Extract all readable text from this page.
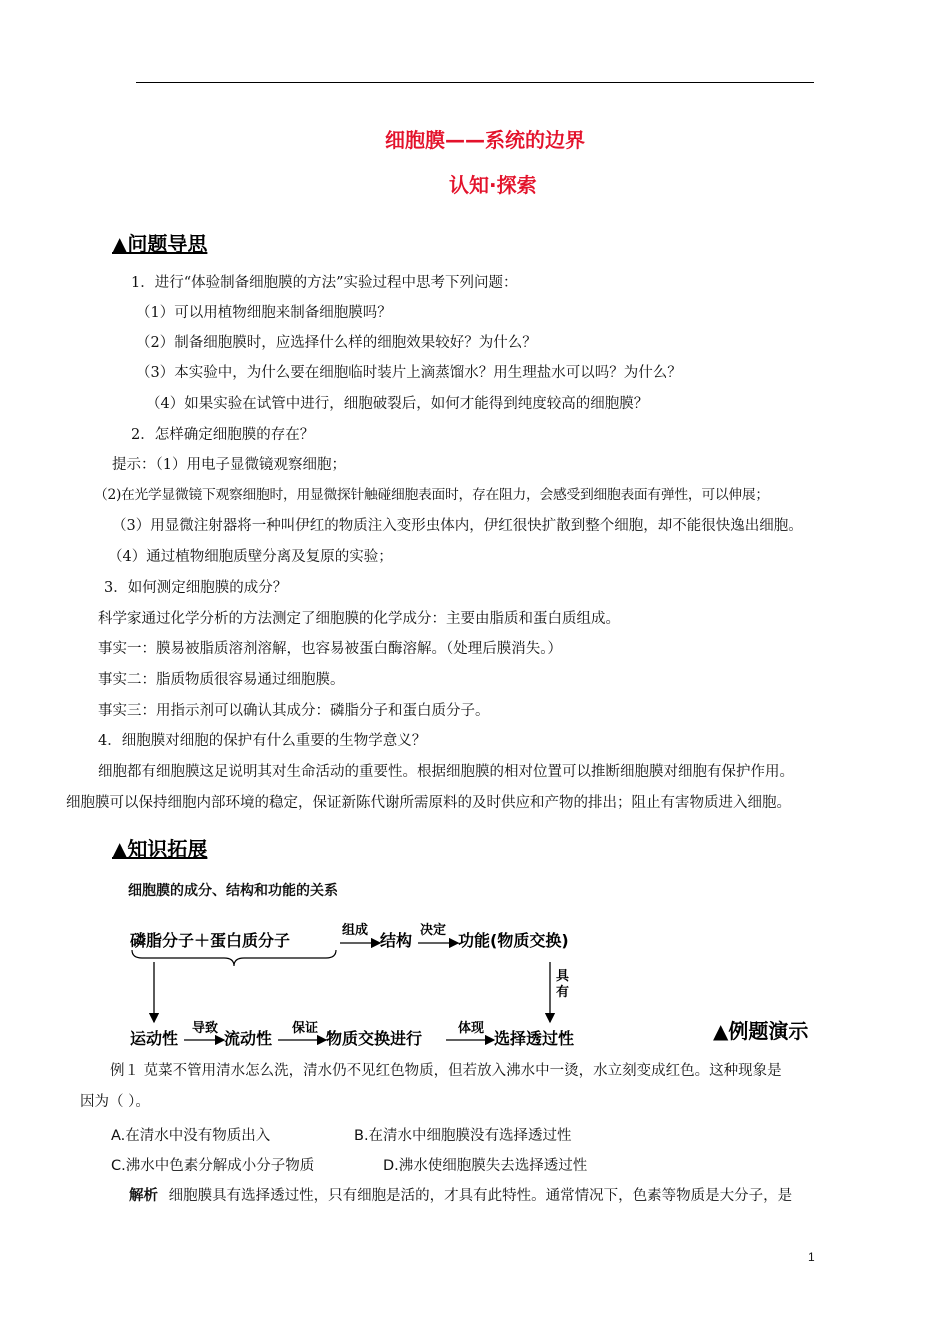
细胞膜——系统的边界
认知·探索
▲问题导思
1．进行“体验制备细胞膜的方法”实验过程中思考下列问题：
（1）可以用植物细胞来制备细胞膜吗？
（2）制备细胞膜时，应选择什么样的细胞效果较好？为什么？
（3）本实验中，为什么要在细胞临时装片上滴蒸馏水？用生理盐水可以吗？为什么？
（4）如果实验在试管中进行，细胞破裂后，如何才能得到纯度较高的细胞膜？
2．怎样确定细胞膜的存在？
提示：（1）用电子显微镜观察细胞；
（2)在光学显微镜下观察细胞时，用显微探针触碰细胞表面时，存在阻力，会感受到细胞表面有弹性，可以伸展；
（3）用显微注射器将一种叫伊红的物质注入变形虫体内，伊红很快扩散到整个细胞，却不能很快逸出细胞。
（4）通过植物细胞质壁分离及复原的实验；
3．如何测定细胞膜的成分？
科学家通过化学分析的方法测定了细胞膜的化学成分：主要由脂质和蛋白质组成。
事实一：膜易被脂质溶剂溶解，也容易被蛋白酶溶解。（处理后膜消失。）
事实二：脂质物质很容易通过细胞膜。
事实三：用指示剂可以确认其成分：磷脂分子和蛋白质分子。
4．细胞膜对细胞的保护有什么重要的生物学意义？
细胞都有细胞膜这足说明其对生命活动的重要性。根据细胞膜的相对位置可以推断细胞膜对细胞有保护作用。
细胞膜可以保持细胞内部环境的稳定，保证新陈代谢所需原料的及时供应和产物的排出；阻止有害物质进入细胞。
▲知识拓展
细胞膜的成分、结构和功能的关系
磷脂分子＋蛋白质分子
组成
结构
决定
功能(物质交换)
具 有
运动性
导致
流动性
保证
物质交换进行
体现
选择透过性	▲例题演示
例１ 苋菜不管用清水怎么洗，清水仍不见红色物质，但若放入沸水中一烫，水立刻变成红色。这种现象是
因为（ ）。
A.在清水中没有物质出入	B.在清水中细胞膜没有选择透过性
C.沸水中色素分解成小分子物质	D.沸水使细胞膜失去选择透过性
解析 细胞膜具有选择透过性，只有细胞是活的，才具有此特性。通常情况下，色素等物质是大分子，是
1
